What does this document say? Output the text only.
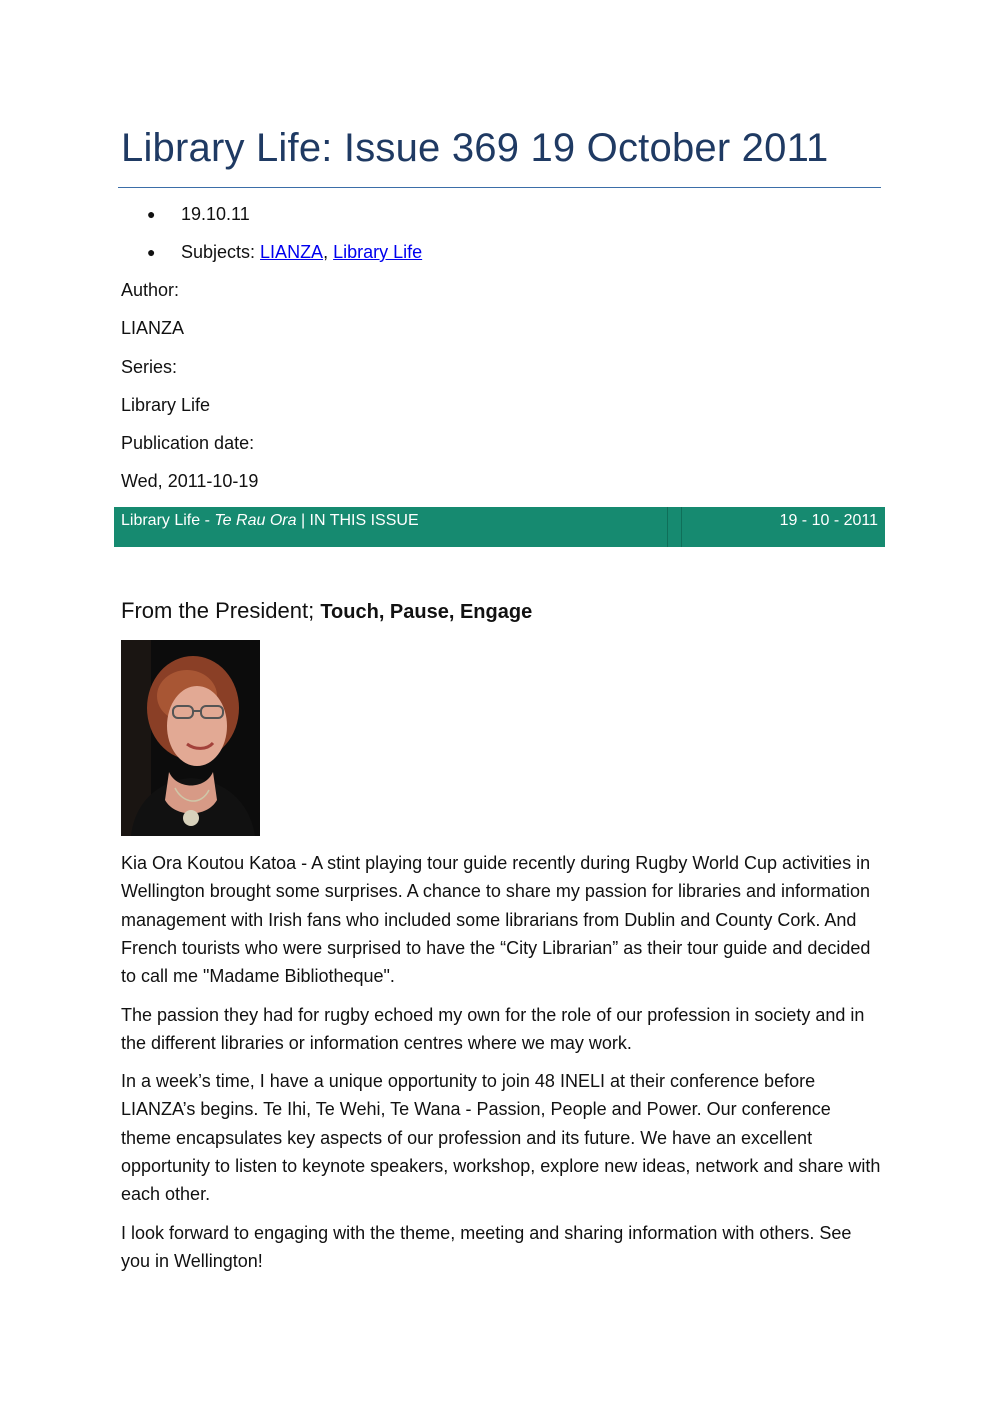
Library Life: Issue 369 19 October 2011
● 19.10.11
● Subjects: LIANZA, Library Life
Author:
LIANZA
Series:
Library Life
Publication date:
Wed, 2011-10-19
Library Life - Te Rau Ora | IN THIS ISSUE	19 - 10 - 2011
From the President; Touch, Pause, Engage

Kia Ora Koutou Katoa - A stint playing tour guide recently during Rugby World Cup activities in Wellington brought some surprises. A chance to share my passion for libraries and information management with Irish fans who included some librarians from Dublin and County Cork. And French tourists who were surprised to have the “City Librarian” as their tour guide and decided to call me "Madame Bibliotheque".

The passion they had for rugby echoed my own for the role of our profession in society and in the different libraries or information centres where we may work.

In a week’s time, I have a unique opportunity to join 48 INELI at their conference before LIANZA’s begins. Te Ihi, Te Wehi, Te Wana - Passion, People and Power. Our conference theme encapsulates key aspects of our profession and its future. We have an excellent opportunity to listen to keynote speakers, workshop, explore new ideas, network and share with each other.

I look forward to engaging with the theme, meeting and sharing information with others. See you in Wellington!
